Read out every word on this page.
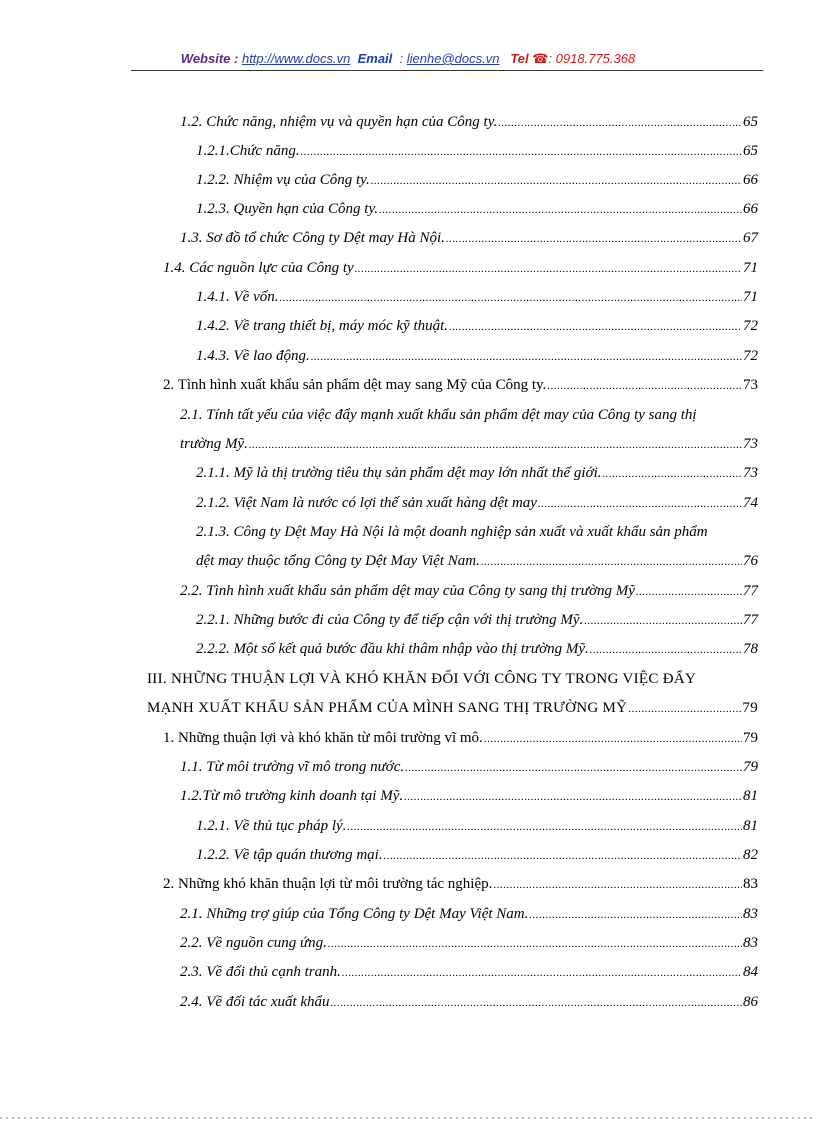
Website : http://www.docs.vn Email : lienhe@docs.vn Tel ☎: 0918.775.368
1.2. Chức năng, nhiệm vụ và quyền hạn của Công ty. .....	65
1.2.1.Chức năng. .....	65
1.2.2. Nhiệm vụ của Công ty. .....	66
1.2.3. Quyền hạn của Công ty. .....	66
1.3. Sơ đồ tổ chức Công ty Dệt may Hà Nội. .....	67
1.4. Các nguồn lực của Công ty .....	71
1.4.1. Về vốn. .....	71
1.4.2. Về trang thiết bị, máy móc kỹ thuật. .....	72
1.4.3. Về lao động. .....	72
2. Tình hình xuất khẩu sản phẩm dệt may sang Mỹ của Công ty. .....	73
2.1. Tính tất yếu của việc đẩy mạnh xuất khẩu sản phẩm dệt may của Công ty sang thị
trường Mỹ. .....	73
2.1.1. Mỹ là thị trường tiêu thụ sản phẩm dệt may lớn nhất thế giới. .....	73
2.1.2. Việt Nam là nước có lợi thế sản xuất hàng dệt may .....	74
2.1.3. Công ty Dệt May Hà Nội là một doanh nghiệp sản xuất và xuất khẩu sản phẩm
dệt may thuộc tổng Công ty Dệt May Việt Nam. .....	76
2.2. Tình hình xuất khẩu sản phẩm dệt may của Công ty sang thị trường Mỹ .....	77
2.2.1. Những bước đi của Công ty để tiếp cận với thị trường Mỹ. .....	77
2.2.2. Một số kết quả bước đầu khi thâm nhập vào thị trường Mỹ. .....	78
III. NHỮNG THUẬN LỢI VÀ KHÓ KHĂN ĐỐI VỚI CÔNG TY TRONG VIỆC ĐẨY
MẠNH XUẤT KHẨU SẢN PHẨM CỦA MÌNH SANG THỊ TRƯỜNG MỸ .....	79
1. Những thuận lợi và khó khăn từ môi trường vĩ mô. .....	79
1.1. Từ môi trường vĩ mô trong nước. .....	79
1.2.Từ mô trường kinh doanh tại Mỹ. .....	81
1.2.1. Về thủ tục pháp lý. .....	81
1.2.2. Về tập quán thương mại. .....	82
2. Những khó khăn thuận lợi từ môi trường tác nghiệp. .....	83
2.1. Những trợ giúp của Tổng Công ty Dệt May Việt Nam. .....	83
2.2. Về nguồn cung ứng. .....	83
2.3. Về đối thủ cạnh tranh. .....	84
2.4. Về đối tác xuất khẩu .....	86
